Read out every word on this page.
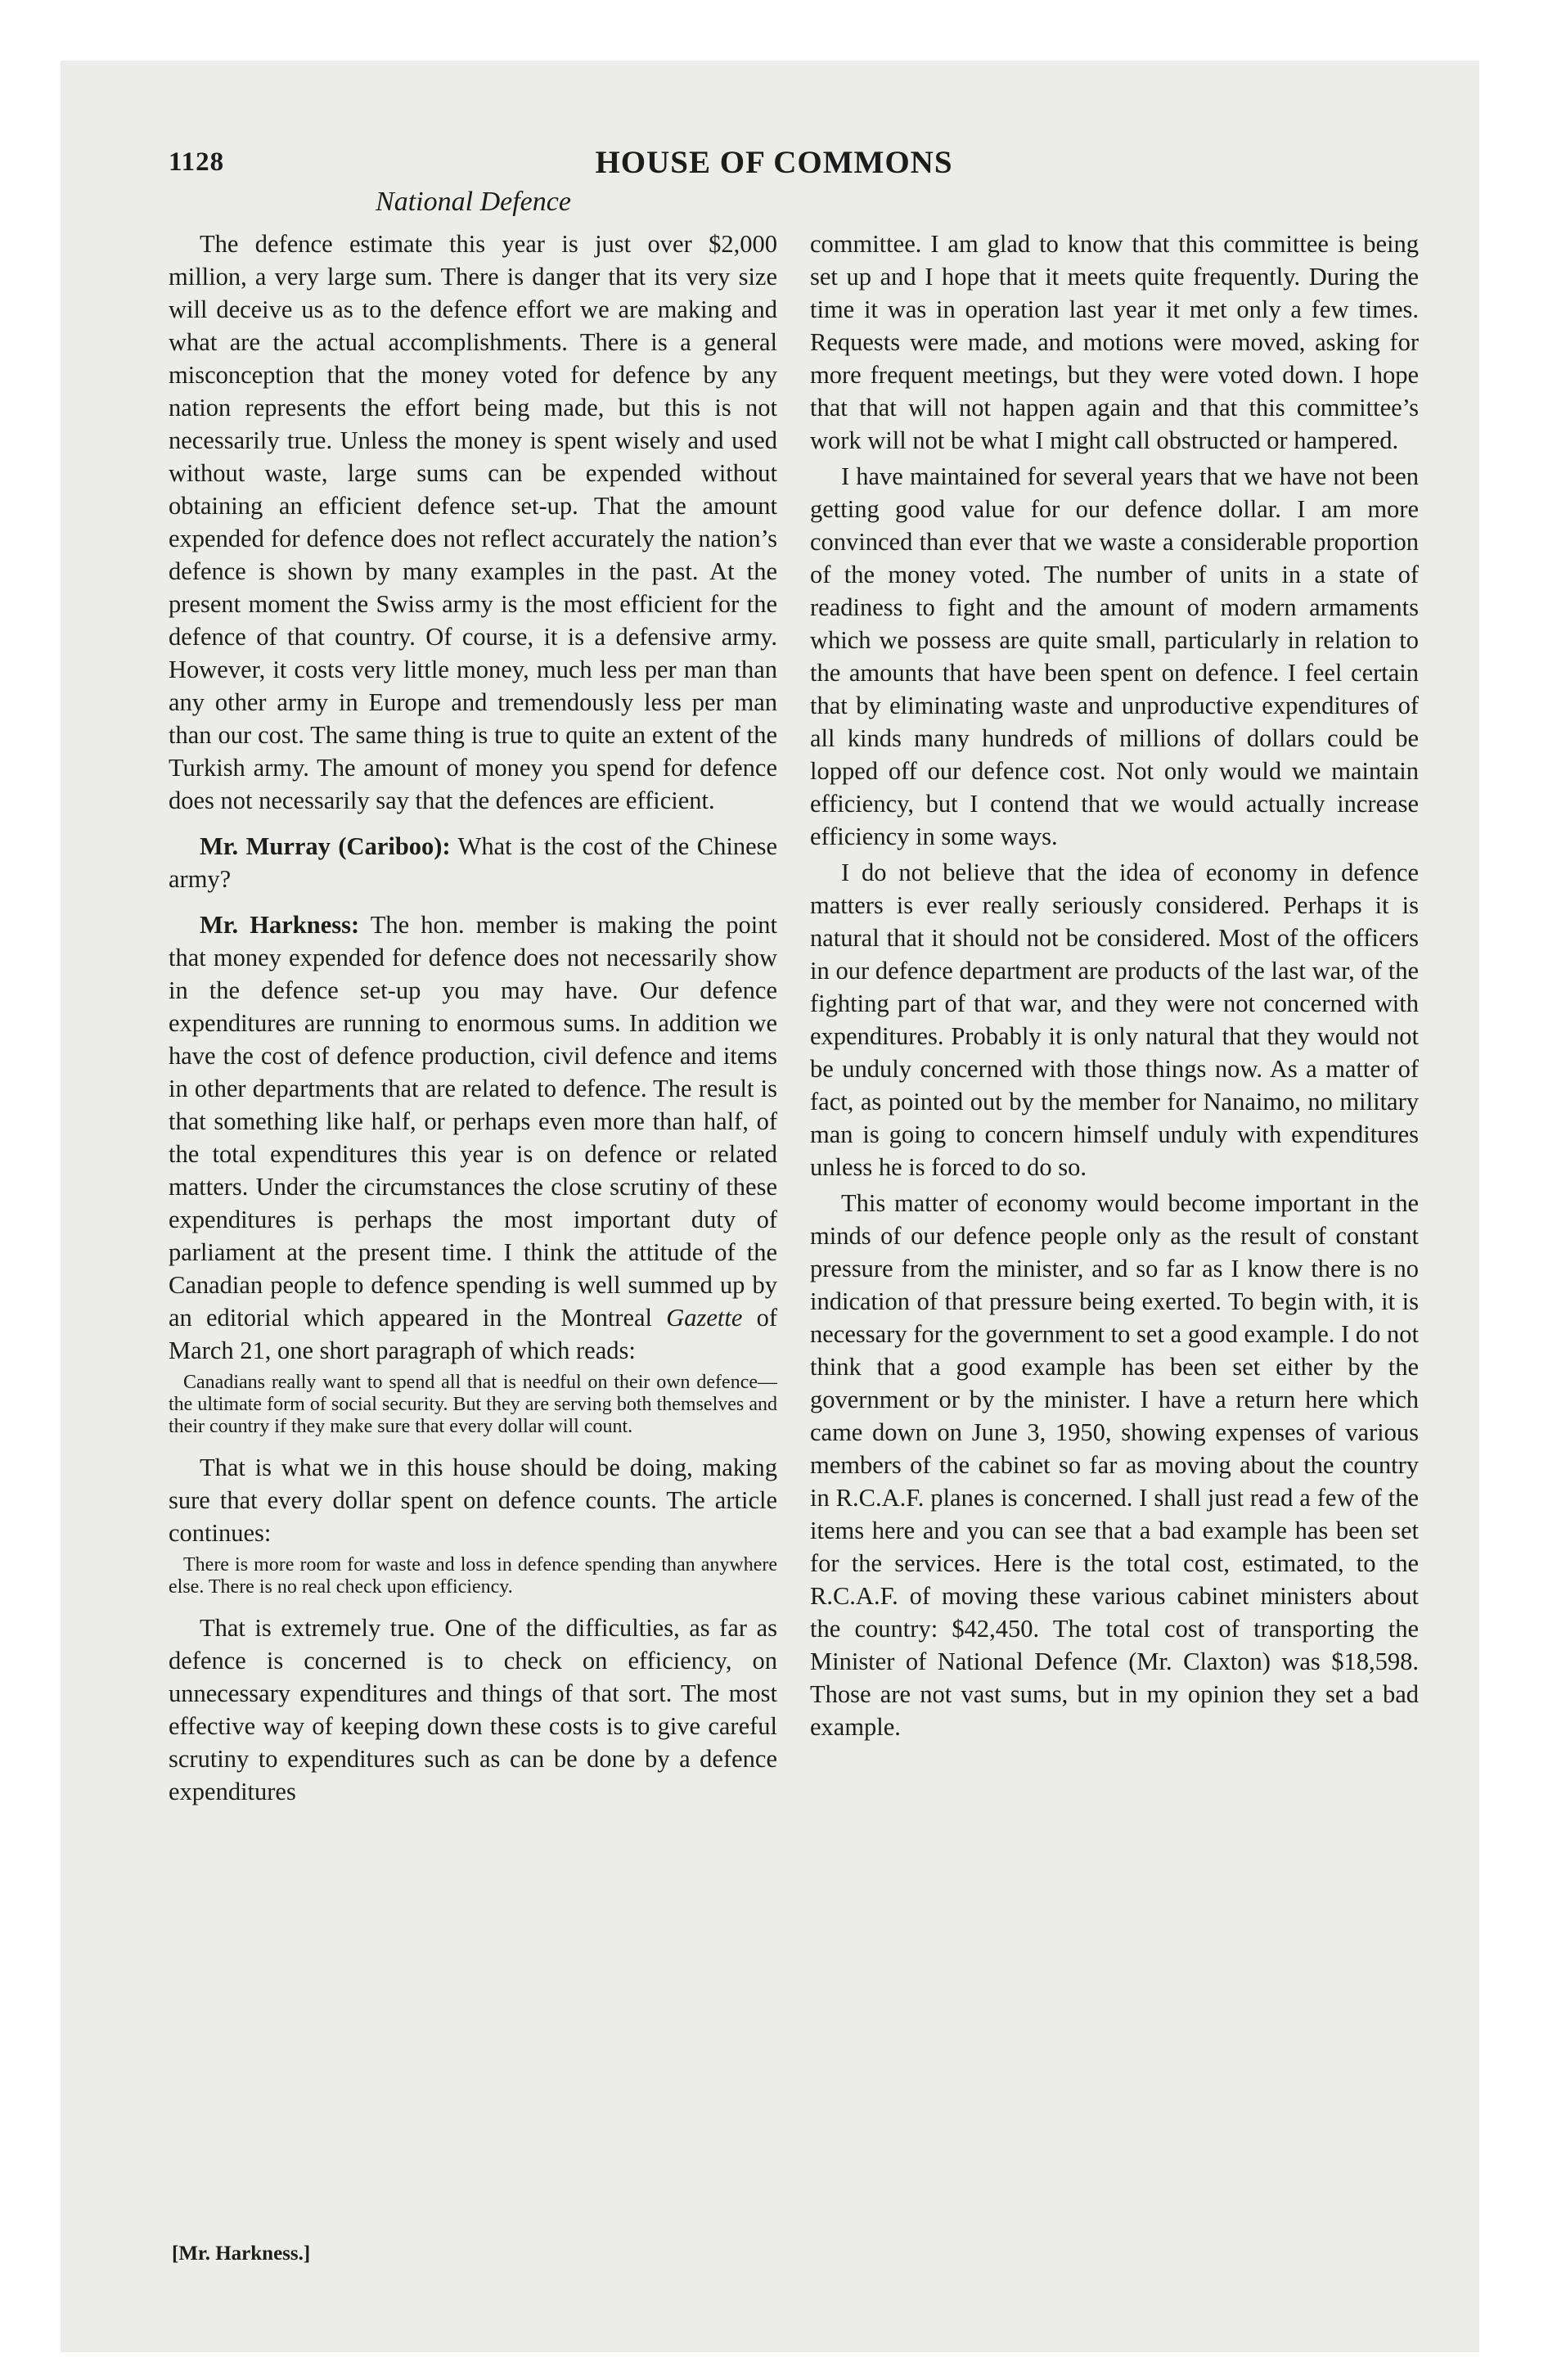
1128	HOUSE OF COMMONS
National Defence

The defence estimate this year is just over $2,000 million, a very large sum. There is danger that its very size will deceive us as to the defence effort we are making and what are the actual accomplishments. There is a general misconception that the money voted for defence by any nation represents the effort being made, but this is not necessarily true. Unless the money is spent wisely and used without waste, large sums can be expended without obtaining an efficient defence set-up. That the amount expended for defence does not reflect accurately the nation’s defence is shown by many examples in the past. At the present moment the Swiss army is the most efficient for the defence of that country. Of course, it is a defensive army. However, it costs very little money, much less per man than any other army in Europe and tremendously less per man than our cost. The same thing is true to quite an extent of the Turkish army. The amount of money you spend for defence does not necessarily say that the defences are efficient.

Mr. Murray (Cariboo): What is the cost of the Chinese army?

Mr. Harkness: The hon. member is making the point that money expended for defence does not necessarily show in the defence set-up you may have. Our defence expenditures are running to enormous sums. In addition we have the cost of defence production, civil defence and items in other departments that are related to defence. The result is that something like half, or perhaps even more than half, of the total expenditures this year is on defence or related matters. Under the circumstances the close scrutiny of these expenditures is perhaps the most important duty of parliament at the present time. I think the attitude of the Canadian people to defence spending is well summed up by an editorial which appeared in the Montreal Gazette of March 21, one short paragraph of which reads:

Canadians really want to spend all that is needful on their own defence—the ultimate form of social security. But they are serving both themselves and their country if they make sure that every dollar will count.

That is what we in this house should be doing, making sure that every dollar spent on defence counts. The article continues:

There is more room for waste and loss in defence spending than anywhere else. There is no real check upon efficiency.

That is extremely true. One of the difficulties, as far as defence is concerned is to check on efficiency, on unnecessary expenditures and things of that sort. The most effective way of keeping down these costs is to give careful scrutiny to expenditures such as can be done by a defence expenditures

committee. I am glad to know that this committee is being set up and I hope that it meets quite frequently. During the time it was in operation last year it met only a few times. Requests were made, and motions were moved, asking for more frequent meetings, but they were voted down. I hope that that will not happen again and that this committee’s work will not be what I might call obstructed or hampered.

I have maintained for several years that we have not been getting good value for our defence dollar. I am more convinced than ever that we waste a considerable proportion of the money voted. The number of units in a state of readiness to fight and the amount of modern armaments which we possess are quite small, particularly in relation to the amounts that have been spent on defence. I feel certain that by eliminating waste and unproductive expenditures of all kinds many hundreds of millions of dollars could be lopped off our defence cost. Not only would we maintain efficiency, but I contend that we would actually increase efficiency in some ways.

I do not believe that the idea of economy in defence matters is ever really seriously considered. Perhaps it is natural that it should not be considered. Most of the officers in our defence department are products of the last war, of the fighting part of that war, and they were not concerned with expenditures. Probably it is only natural that they would not be unduly concerned with those things now. As a matter of fact, as pointed out by the member for Nanaimo, no military man is going to concern himself unduly with expenditures unless he is forced to do so.

This matter of economy would become important in the minds of our defence people only as the result of constant pressure from the minister, and so far as I know there is no indication of that pressure being exerted. To begin with, it is necessary for the government to set a good example. I do not think that a good example has been set either by the government or by the minister. I have a return here which came down on June 3, 1950, showing expenses of various members of the cabinet so far as moving about the country in R.C.A.F. planes is concerned. I shall just read a few of the items here and you can see that a bad example has been set for the services. Here is the total cost, estimated, to the R.C.A.F. of moving these various cabinet ministers about the country: $42,450. The total cost of transporting the Minister of National Defence (Mr. Claxton) was $18,598. Those are not vast sums, but in my opinion they set a bad example.

[Mr. Harkness.]
